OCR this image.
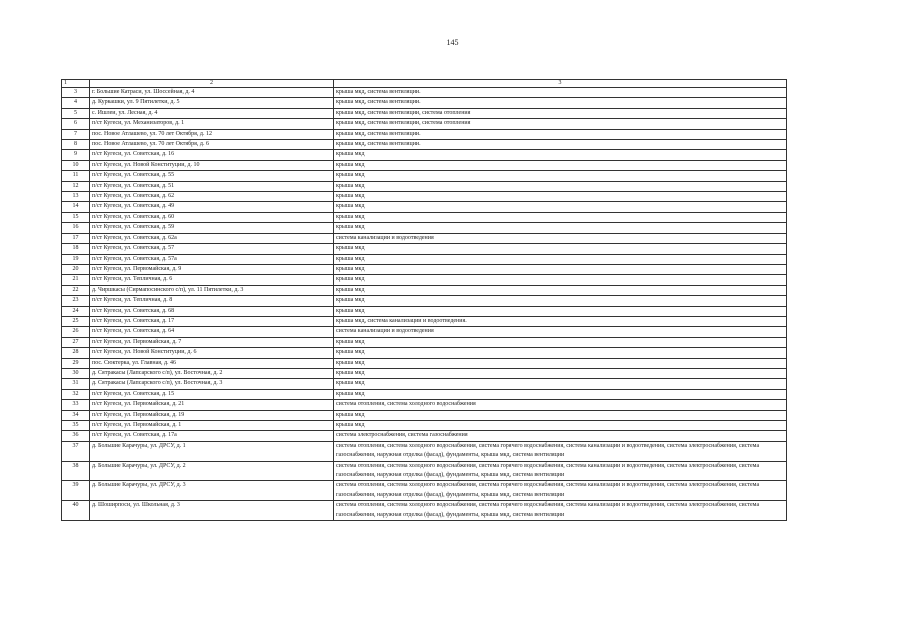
145
1	2	3
3	г. Большие Катраси, ул. Шоссейная, д. 4	крыша мкд, система вентиляции.
4	д. Куркашки, ул. 9 Пятилетки, д. 5	крыша мкд, система вентиляции.
5	с. Ишлеи, ул. Лесная, д. 4	крыша мкд, система вентиляции, система отопления
6	п/ст Кугеси, ул. Механизаторов, д. 1	крыша мкд, система вентиляции, система отопления
7	пос. Новое Атлашево, ул. 70 лет Октября, д. 12	крыша мкд, система вентиляции.
8	пос. Новое Атлашево, ул. 70 лет Октября, д. 6	крыша мкд, система вентиляции.
9	п/ст Кугеси, ул. Советская, д. 16	крыша мкд
10	п/ст Кугеси, ул. Новой Конституции, д. 10	крыша мкд
11	п/ст Кугеси, ул. Советская, д. 55	крыша мкд
12	п/ст Кугеси, ул. Советская, д. 51	крыша мкд
13	п/ст Кугеси, ул. Советская, д. 62	крыша мкд
14	п/ст Кугеси, ул. Советская, д. 49	крыша мкд
15	п/ст Кугеси, ул. Советская, д. 60	крыша мкд
16	п/ст Кугеси, ул. Советская, д. 59	крыша мкд
17	п/ст Кугеси, ул. Советская, д. 62а	система канализации и водоотведения
18	п/ст Кугеси, ул. Советская, д. 57	крыша мкд
19	п/ст Кугеси, ул. Советская, д. 57а	крыша мкд
20	п/ст Кугеси, ул. Первомайская, д. 9	крыша мкд
21	п/ст Кугеси, ул. Тепличная, д. 6	крыша мкд
22	д. Чиршкасы (Сирмапосинского с/п), ул. 11 Пятилетки, д. 3	крыша мкд
23	п/ст Кугеси, ул. Тепличная, д. 8	крыша мкд
24	п/ст Кугеси, ул. Советская, д. 68	крыша мкд
25	п/ст Кугеси, ул. Советская, д. 17	крыша мкд, система канализации и водоотведения.
26	п/ст Кугеси, ул. Советская, д. 64	система канализации и водоотведения
27	п/ст Кугеси, ул. Первомайская, д. 7	крыша мкд
28	п/ст Кугеси, ул. Новой Конституции, д. 6	крыша мкд
29	пос. Сюктерка, ул. Главная, д. 46	крыша мкд
30	д. Сятракасы (Лапсарского с/п), ул. Восточная, д. 2	крыша мкд
31	д. Сятракасы (Лапсарского с/п), ул. Восточная, д. 3	крыша мкд
32	п/ст Кугеси, ул. Советская, д. 15	крыша мкд
33	п/ст Кугеси, ул. Первомайская, д. 21	система отопления, система холодного водоснабжения
34	п/ст Кугеси, ул. Первомайская, д. 19	крыша мкд
35	п/ст Кугеси, ул. Первомайская, д. 1	крыша мкд
36	п/ст Кугеси, ул. Советская, д. 17а	система электроснабжения, система газоснабжения
37	д. Большие Карачуры, ул. ДРСУ, д. 1	система отопления, система холодного водоснабжения, система горячего водоснабжения, система канализации и водоотведения, система электроснабжения, система газоснабжения, наружная отделка (фасад), фундаменты, крыша мкд, система вентиляции
38	д. Большие Карачуры, ул. ДРСУ, д. 2	система отопления, система холодного водоснабжения, система горячего водоснабжения, система канализации и водоотведения, система электроснабжения, система газоснабжения, наружная отделка (фасад), фундаменты, крыша мкд, система вентиляции
39	д. Большие Карачуры, ул. ДРСУ, д. 3	система отопления, система холодного водоснабжения, система горячего водоснабжения, система канализации и водоотведения, система электроснабжения, система газоснабжения, наружная отделка (фасад), фундаменты, крыша мкд, система вентиляции
40	д. Шоширпоси, ул. Школьная, д. 3	система отопления, система холодного водоснабжения, система горячего водоснабжения, система канализации и водоотведения, система электроснабжения, система газоснабжения, наружная отделка (фасад), фундаменты, крыша мкд, система вентиляции
